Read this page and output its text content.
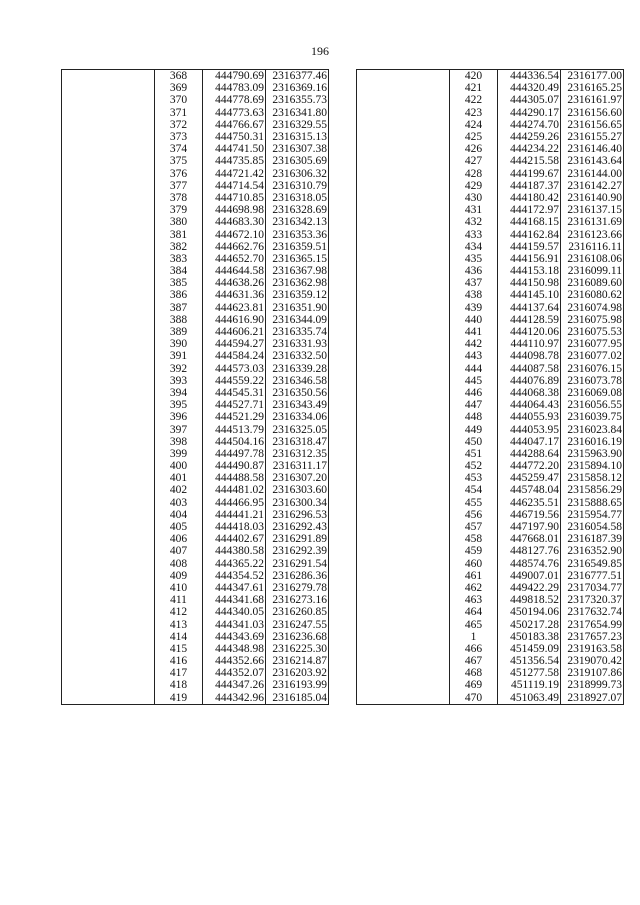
196
	368	444790.69	2316377.46
	369	444783.09	2316369.16
	370	444778.69	2316355.73
	371	444773.63	2316341.80
	372	444766.67	2316329.55
	373	444750.31	2316315.13
	374	444741.50	2316307.38
	375	444735.85	2316305.69
	376	444721.42	2316306.32
	377	444714.54	2316310.79
	378	444710.85	2316318.05
	379	444698.98	2316328.69
	380	444683.30	2316342.13
	381	444672.10	2316353.36
	382	444662.76	2316359.51
	383	444652.70	2316365.15
	384	444644.58	2316367.98
	385	444638.26	2316362.98
	386	444631.36	2316359.12
	387	444623.81	2316351.90
	388	444616.90	2316344.09
	389	444606.21	2316335.74
	390	444594.27	2316331.93
	391	444584.24	2316332.50
	392	444573.03	2316339.28
	393	444559.22	2316346.58
	394	444545.31	2316350.56
	395	444527.71	2316343.49
	396	444521.29	2316334.06
	397	444513.79	2316325.05
	398	444504.16	2316318.47
	399	444497.78	2316312.35
	400	444490.87	2316311.17
	401	444488.58	2316307.20
	402	444481.02	2316303.60
	403	444466.95	2316300.34
	404	444441.21	2316296.53
	405	444418.03	2316292.43
	406	444402.67	2316291.89
	407	444380.58	2316292.39
	408	444365.22	2316291.54
	409	444354.52	2316286.36
	410	444347.61	2316279.78
	411	444341.68	2316273.16
	412	444340.05	2316260.85
	413	444341.03	2316247.55
	414	444343.69	2316236.68
	415	444348.98	2316225.30
	416	444352.66	2316214.87
	417	444352.07	2316203.92
	418	444347.26	2316193.99
	419	444342.96	2316185.04
	420	444336.54	2316177.00
	421	444320.49	2316165.25
	422	444305.07	2316161.97
	423	444290.17	2316156.60
	424	444274.70	2316156.65
	425	444259.26	2316155.27
	426	444234.22	2316146.40
	427	444215.58	2316143.64
	428	444199.67	2316144.00
	429	444187.37	2316142.27
	430	444180.42	2316140.90
	431	444172.97	2316137.15
	432	444168.15	2316131.69
	433	444162.84	2316123.66
	434	444159.57	2316116.11
	435	444156.91	2316108.06
	436	444153.18	2316099.11
	437	444150.98	2316089.60
	438	444145.10	2316080.62
	439	444137.64	2316074.98
	440	444128.59	2316075.98
	441	444120.06	2316075.53
	442	444110.97	2316077.95
	443	444098.78	2316077.02
	444	444087.58	2316076.15
	445	444076.89	2316073.78
	446	444068.38	2316069.08
	447	444064.43	2316056.55
	448	444055.93	2316039.75
	449	444053.95	2316023.84
	450	444047.17	2316016.19
	451	444288.64	2315963.90
	452	444772.20	2315894.10
	453	445259.47	2315858.12
	454	445748.04	2315856.29
	455	446235.51	2315888.65
	456	446719.56	2315954.77
	457	447197.90	2316054.58
	458	447668.01	2316187.39
	459	448127.76	2316352.90
	460	448574.76	2316549.85
	461	449007.01	2316777.51
	462	449422.29	2317034.77
	463	449818.52	2317320.37
	464	450194.06	2317632.74
	465	450217.28	2317654.99
	1	450183.38	2317657.23
	466	451459.09	2319163.58
	467	451356.54	2319070.42
	468	451277.58	2319107.86
	469	451119.19	2318999.73
	470	451063.49	2318927.07
